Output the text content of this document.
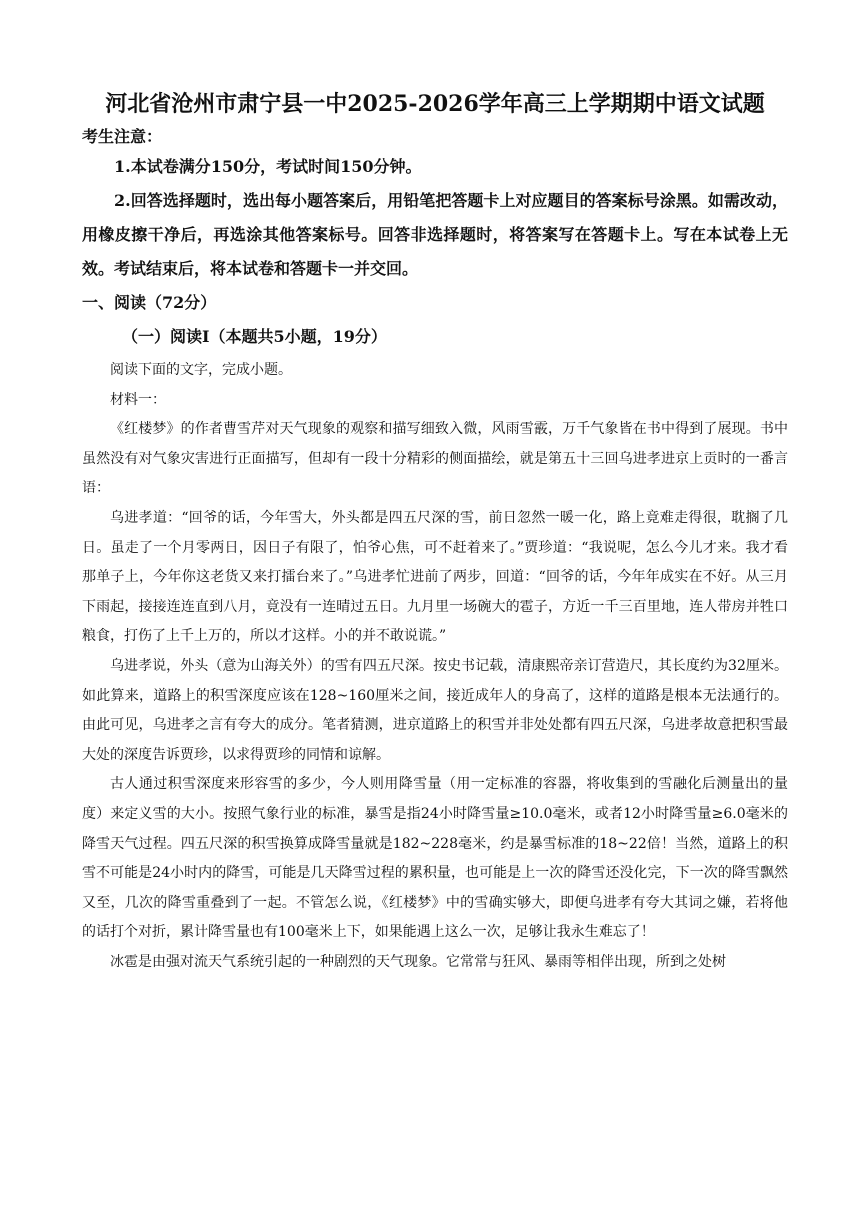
河北省沧州市肃宁县一中2025-2026学年高三上学期期中语文试题
考生注意：
1.本试卷满分150分，考试时间150分钟。
2.回答选择题时，选出每小题答案后，用铅笔把答题卡上对应题目的答案标号涂黑。如需改动，用橡皮擦干净后，再选涂其他答案标号。回答非选择题时，将答案写在答题卡上。写在本试卷上无效。考试结束后，将本试卷和答题卡一并交回。
一、阅读（72分）
（一）阅读Ⅰ（本题共5小题，19分）

阅读下面的文字，完成小题。

材料一：

《红楼梦》的作者曹雪芹对天气现象的观察和描写细致入微，风雨雪霰，万千气象皆在书中得到了展现。书中虽然没有对气象灾害进行正面描写，但却有一段十分精彩的侧面描绘，就是第五十三回乌进孝进京上贡时的一番言语：

乌进孝道：“回爷的话，今年雪大，外头都是四五尺深的雪，前日忽然一暖一化，路上竟难走得很，耽搁了几日。虽走了一个月零两日，因日子有限了，怕爷心焦，可不赶着来了。”贾珍道：“我说呢，怎么今儿才来。我才看那单子上，今年你这老货又来打擂台来了。”乌进孝忙进前了两步，回道：“回爷的话，今年年成实在不好。从三月下雨起，接接连连直到八月，竟没有一连晴过五日。九月里一场碗大的雹子，方近一千三百里地，连人带房并牲口粮食，打伤了上千上万的，所以才这样。小的并不敢说谎。”

乌进孝说，外头（意为山海关外）的雪有四五尺深。按史书记载，清康熙帝亲订营造尺，其长度约为32厘米。如此算来，道路上的积雪深度应该在128~160厘米之间，接近成年人的身高了，这样的道路是根本无法通行的。由此可见，乌进孝之言有夸大的成分。笔者猜测，进京道路上的积雪并非处处都有四五尺深，乌进孝故意把积雪最大处的深度告诉贾珍，以求得贾珍的同情和谅解。

古人通过积雪深度来形容雪的多少，今人则用降雪量（用一定标准的容器，将收集到的雪融化后测量出的量度）来定义雪的大小。按照气象行业的标准，暴雪是指24小时降雪量≥10.0毫米，或者12小时降雪量≥6.0毫米的降雪天气过程。四五尺深的积雪换算成降雪量就是182~228毫米，约是暴雪标准的18~22倍！当然，道路上的积雪不可能是24小时内的降雪，可能是几天降雪过程的累积量，也可能是上一次的降雪还没化完，下一次的降雪飘然又至，几次的降雪重叠到了一起。不管怎么说，《红楼梦》中的雪确实够大，即便乌进孝有夸大其词之嫌，若将他的话打个对折，累计降雪量也有100毫米上下，如果能遇上这么一次，足够让我永生难忘了！

冰雹是由强对流天气系统引起的一种剧烈的天气现象。它常常与狂风、暴雨等相伴出现，所到之处树
